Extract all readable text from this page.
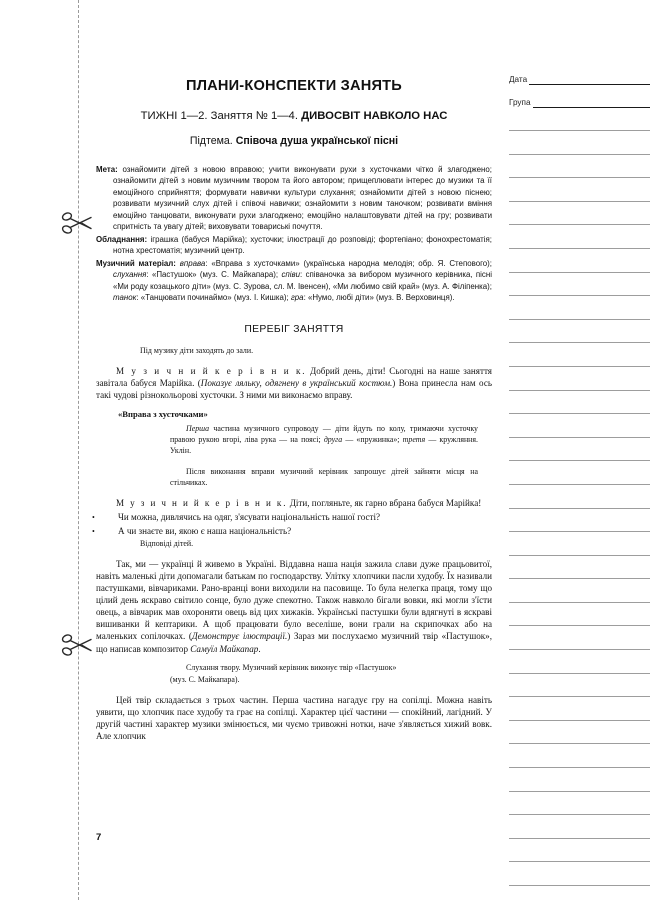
Дата
Група
ПЛАНИ-КОНСПЕКТИ ЗАНЯТЬ

ТИЖНІ 1—2. Заняття № 1—4. ДИВОСВІТ НАВКОЛО НАС

Підтема. Співоча душа української пісні

Мета: ознайомити дітей з новою вправою; учити виконувати рухи з хусточками чітко й злагоджено; ознайомити дітей з новим музичним твором та його автором; прищеплювати інтерес до музики та її емоційного сприйняття; формувати навички культури слухання; ознайомити дітей з новою піснею; розвивати музичний слух дітей і співочі навички; ознайомити з новим таночком; розвивати вміння емоційно танцювати, виконувати рухи злагоджено; емоційно налаштовувати дітей на гру; розвивати спритність та увагу дітей; виховувати товариські почуття.
Обладнання: іграшка (бабуся Марійка); хусточки; ілюстрації до розповіді; фортепіано; фонохрестоматія; нотна хрестоматія; музичний центр.
Музичний матеріал: вправа: «Вправа з хусточками» (українська народна мелодія; обр. Я. Степового); слухання: «Пастушок» (муз. С. Майкапара); співи: співаночка за вибором музичного керівника, пісні «Ми роду козацького діти» (муз. С. Зурова, сл. М. Івенсен), «Ми любимо свій край» (муз. А. Філіпенка); танок: «Танцювати починаймо» (муз. І. Кишка); гра: «Нумо, любі діти» (муз. В. Верховинця).
ПЕРЕБІГ ЗАНЯТТЯ

Під музику діти заходять до зали.

М у з и ч н и й к е р і в н и к. Добрий день, діти! Сьогодні на наше заняття завітала бабуся Марійка. (Показує ляльку, одягнену в український костюм.) Вона принесла нам ось такі чудові різнокольорові хусточки. З ними ми виконаємо вправу.

«Вправа з хусточками»

Перша частина музичного супроводу — діти йдуть по колу, тримаючи хусточку правою рукою вгорі, ліва рука — на поясі; друга — «пружинка»; третя — кружляння. Уклін.

Після виконання вправи музичний керівник запрошує дітей зайняти місця на стільчиках.

М у з и ч н и й к е р і в н и к. Діти, погляньте, як гарно вбрана бабуся Марійка!

• Чи можна, дивлячись на одяг, з'ясувати національність нашої гості?
• А чи знаєте ви, якою є наша національність?

Відповіді дітей.

Так, ми — українці й живемо в Україні. Віддавна наша нація зажила слави дуже працьовитої, навіть маленькі діти допомагали батькам по господарству. Улітку хлопчики пасли худобу. Їх називали пастушками, вівчариками. Рано-вранці вони виходили на пасовище. То була нелегка праця, тому що цілий день яскраво світило сонце, було дуже спекотно. Також навколо бігали вовки, які могли з'їсти овець, а вівчарик мав охороняти овець від цих хижаків. Українські пастушки були вдягнуті в яскраві вишиванки й кептарики. А щоб працювати було веселіше, вони грали на скрипочках або на маленьких сопілочках. (Демонструє ілюстрації.) Зараз ми послухаємо музичний твір «Пастушок», що написав композитор Самуїл Майкапар.

Слухання твору. Музичний керівник виконує твір «Пастушок»

(муз. С. Майкапара).

Цей твір складається з трьох частин. Перша частина нагадує гру на сопілці. Можна навіть уявити, що хлопчик пасе худобу та грає на сопілці. Характер цієї частини — спокійний, лагідний. У другій частині характер музики змінюється, ми чуємо тривожні нотки, наче з'являється хижий вовк. Але хлопчик

7
